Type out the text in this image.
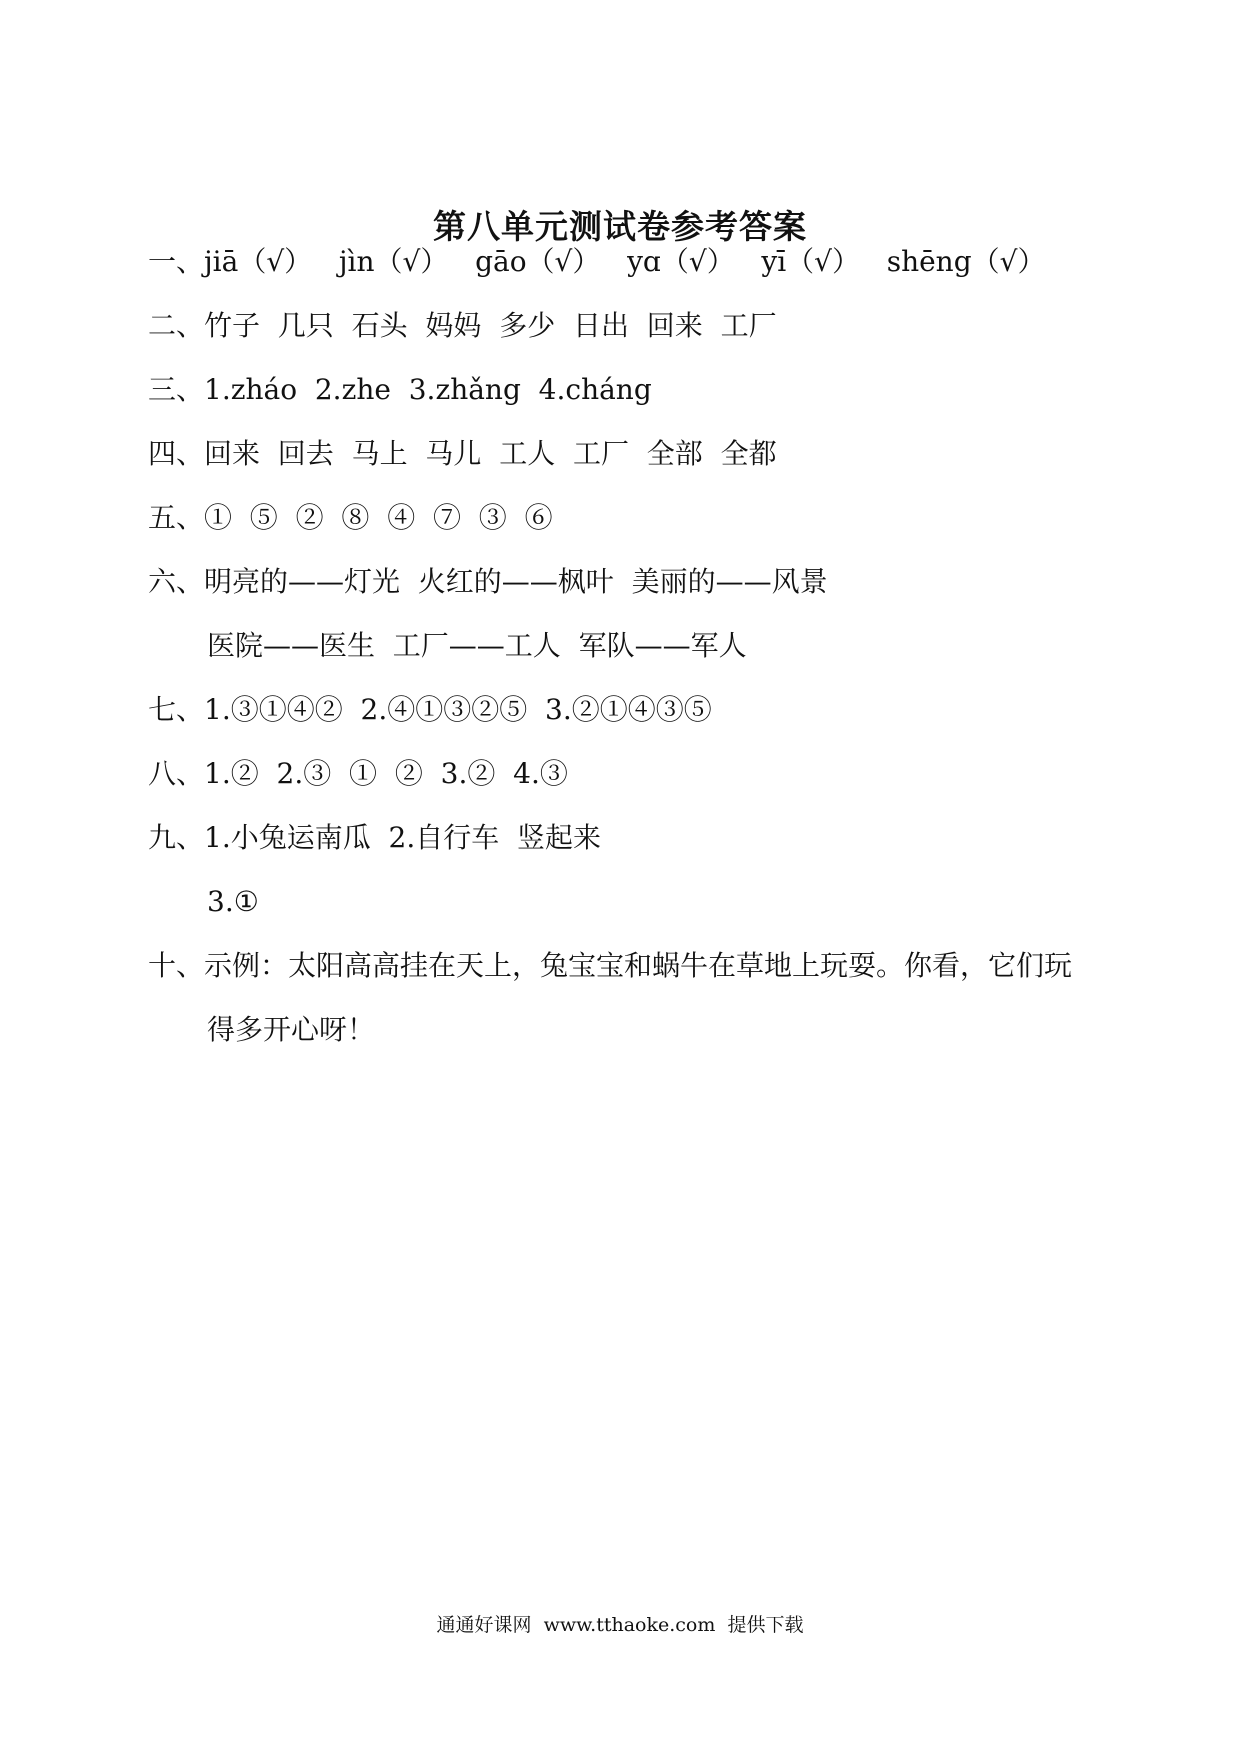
第八单元测试卷参考答案
一、jiā（√）   jìn（√）   gāo（√）   yɑ（√）   yī（√）   shēng（√）
二、竹子  几只  石头  妈妈  多少  日出  回来  工厂
三、1.zháo  2.zhe  3.zhǎng  4.cháng
四、回来  回去  马上  马儿  工人  工厂  全部  全都
五、①  ⑤  ②  ⑧  ④  ⑦  ③  ⑥
六、明亮的——灯光  火红的——枫叶  美丽的——风景
医院——医生  工厂——工人  军队——军人
七、1.③①④②  2.④①③②⑤  3.②①④③⑤
八、1.②  2.③  ①  ②  3.②  4.③
九、1.小兔运南瓜  2.自行车  竖起来
3.①
十、示例：太阳高高挂在天上，兔宝宝和蜗牛在草地上玩耍。你看，它们玩
得多开心呀！
通通好课网  www.tthaoke.com  提供下载
